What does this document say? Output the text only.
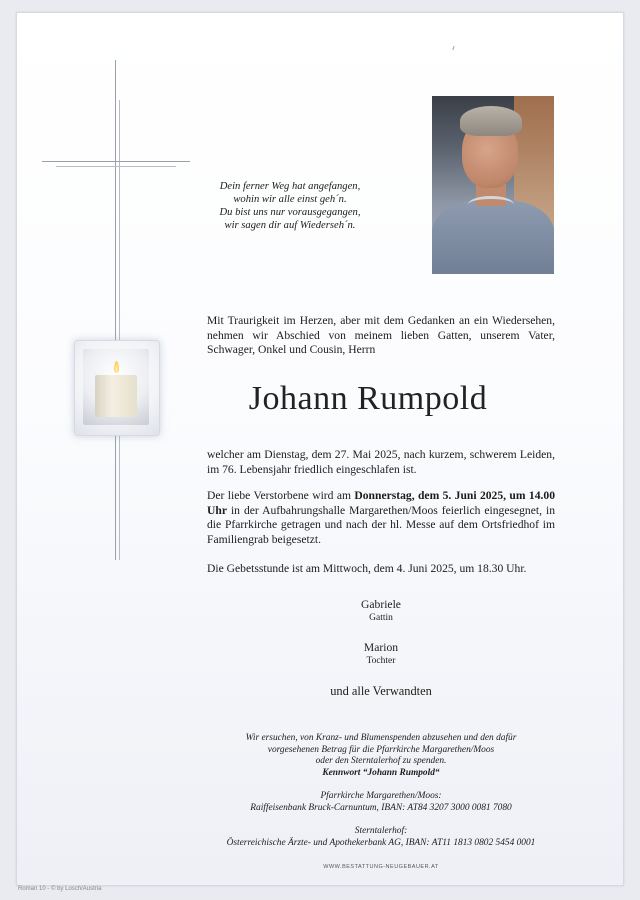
Dein ferner Weg hat angefangen,
wohin wir alle einst geh´n.
Du bist uns nur vorausgegangen,
wir sagen dir auf Wiederseh´n.
Mit Traurigkeit im Herzen, aber mit dem Gedanken an ein Wiedersehen, nehmen wir Abschied von meinem lieben Gatten, unserem Vater, Schwager, Onkel und Cousin, Herrn
Johann Rumpold
welcher am Dienstag, dem 27. Mai 2025, nach kurzem, schwerem Leiden, im 76. Lebensjahr friedlich eingeschlafen ist.
Der liebe Verstorbene wird am Donnerstag, dem 5. Juni 2025, um 14.00 Uhr in der Aufbahrungshalle Margarethen/Moos feierlich eingesegnet, in die Pfarrkirche getragen und nach der hl. Messe auf dem Ortsfriedhof im Familiengrab beigesetzt.
Die Gebetsstunde ist am Mittwoch, dem 4. Juni 2025, um 18.30 Uhr.
Gabriele
Gattin
Marion
Tochter
und alle Verwandten
Wir ersuchen, von Kranz- und Blumenspenden abzusehen und den dafür
vorgesehenen Betrag für die Pfarrkirche Margarethen/Moos
oder den Sterntalerhof zu spenden.
Kennwort “Johann Rumpold“
Pfarrkirche Margarethen/Moos:
Raiffeisenbank Bruck-Carnuntum, IBAN: AT84 3207 3000 0081 7080
Sterntalerhof:
Österreichische Ärzte- und Apothekerbank AG, IBAN: AT11 1813 0802 5454 0001
WWW.BESTATTUNG-NEUGEBAUER.AT
Roman 10 - © by Losch/Austria
